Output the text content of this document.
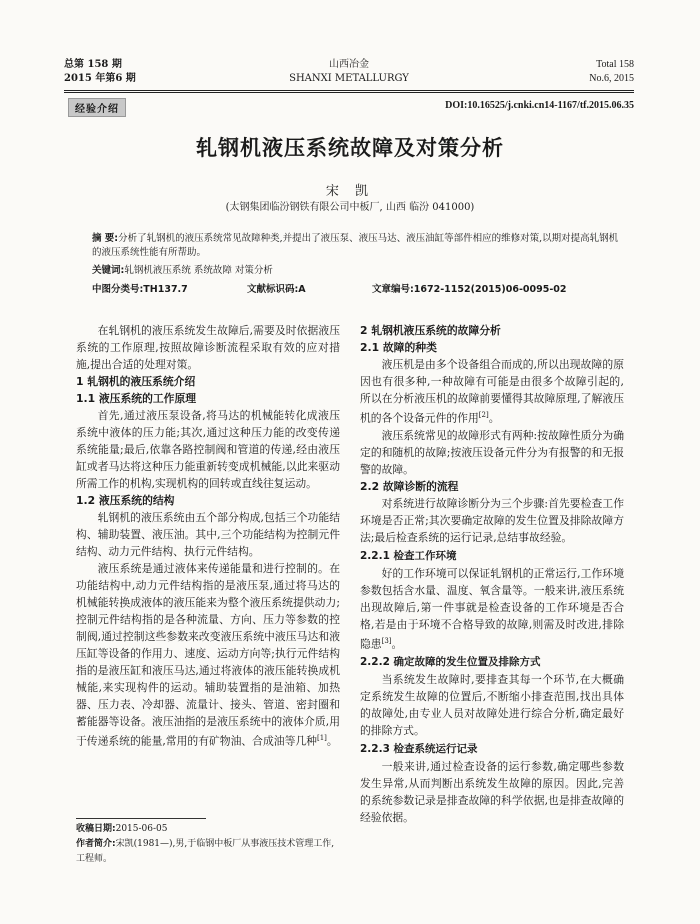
总第 158 期
2015 年第6 期
山西冶金
SHANXI METALLURGY
Total 158
No.6, 2015
经验介绍	DOI:10.16525/j.cnki.cn14-1167/tf.2015.06.35
轧钢机液压系统故障及对策分析
宋 凯
(太钢集团临汾钢铁有限公司中板厂, 山西 临汾 041000)
摘 要:分析了轧钢机的液压系统常见故障种类,并提出了液压泵、液压马达、液压油缸等部件相应的维修对策,以期对提高轧钢机的液压系统性能有所帮助。
关键词:轧钢机液压系统 系统故障 对策分析
中图分类号:TH137.7	文献标识码:A	文章编号:1672-1152(2015)06-0095-02

在轧钢机的液压系统发生故障后,需要及时依据液压系统的工作原理,按照故障诊断流程采取有效的应对措施,提出合适的处理对策。

1 轧钢机的液压系统介绍
1.1 液压系统的工作原理

首先,通过液压泵设备,将马达的机械能转化成液压系统中液体的压力能;其次,通过这种压力能的改变传递系统能量;最后,依靠各路控制阀和管道的传递,经由液压缸或者马达将这种压力能重新转变成机械能,以此来驱动所需工作的机构,实现机构的回转或直线往复运动。

1.2 液压系统的结构

轧钢机的液压系统由五个部分构成,包括三个功能结构、辅助装置、液压油。其中,三个功能结构为控制元件结构、动力元件结构、执行元件结构。

液压系统是通过液体来传递能量和进行控制的。在功能结构中,动力元件结构指的是液压泵,通过将马达的机械能转换成液体的液压能来为整个液压系统提供动力;控制元件结构指的是各种流量、方向、压力等参数的控制阀,通过控制这些参数来改变液压系统中液压马达和液压缸等设备的作用力、速度、运动方向等;执行元件结构指的是液压缸和液压马达,通过将液体的液压能转换成机械能,来实现构件的运动。辅助装置指的是油箱、加热器、压力表、冷却器、流量计、接头、管道、密封圈和蓄能器等设备。液压油指的是液压系统中的液体介质,用于传递系统的能量,常用的有矿物油、合成油等几种[1]。

收稿日期:2015-06-05
作者简介:宋凯(1981—),男,于临钢中板厂从事液压技术管理工作,工程师。
2 轧钢机液压系统的故障分析
2.1 故障的种类

液压机是由多个设备组合而成的,所以出现故障的原因也有很多种,一种故障有可能是由很多个故障引起的,所以在分析液压机的故障前要懂得其故障原理,了解液压机的各个设备元件的作用[2]。

液压系统常见的故障形式有两种:按故障性质分为确定的和随机的故障;按液压设备元件分为有报警的和无报警的故障。

2.2 故障诊断的流程

对系统进行故障诊断分为三个步骤:首先要检查工作环境是否正常;其次要确定故障的发生位置及排除故障方法;最后检查系统的运行记录,总结事故经验。

2.2.1 检查工作环境

好的工作环境可以保证轧钢机的正常运行,工作环境参数包括含水量、温度、氧含量等。一般来讲,液压系统出现故障后,第一件事就是检查设备的工作环境是否合格,若是由于环境不合格导致的故障,则需及时改进,排除隐患[3]。

2.2.2 确定故障的发生位置及排除方式

当系统发生故障时,要排查其每一个环节,在大概确定系统发生故障的位置后,不断缩小排查范围,找出具体的故障处,由专业人员对故障处进行综合分析,确定最好的排除方式。

2.2.3 检查系统运行记录

一般来讲,通过检查设备的运行参数,确定哪些参数发生异常,从而判断出系统发生故障的原因。因此,完善的系统参数记录是排查故障的科学依据,也是排查故障的经验依据。
